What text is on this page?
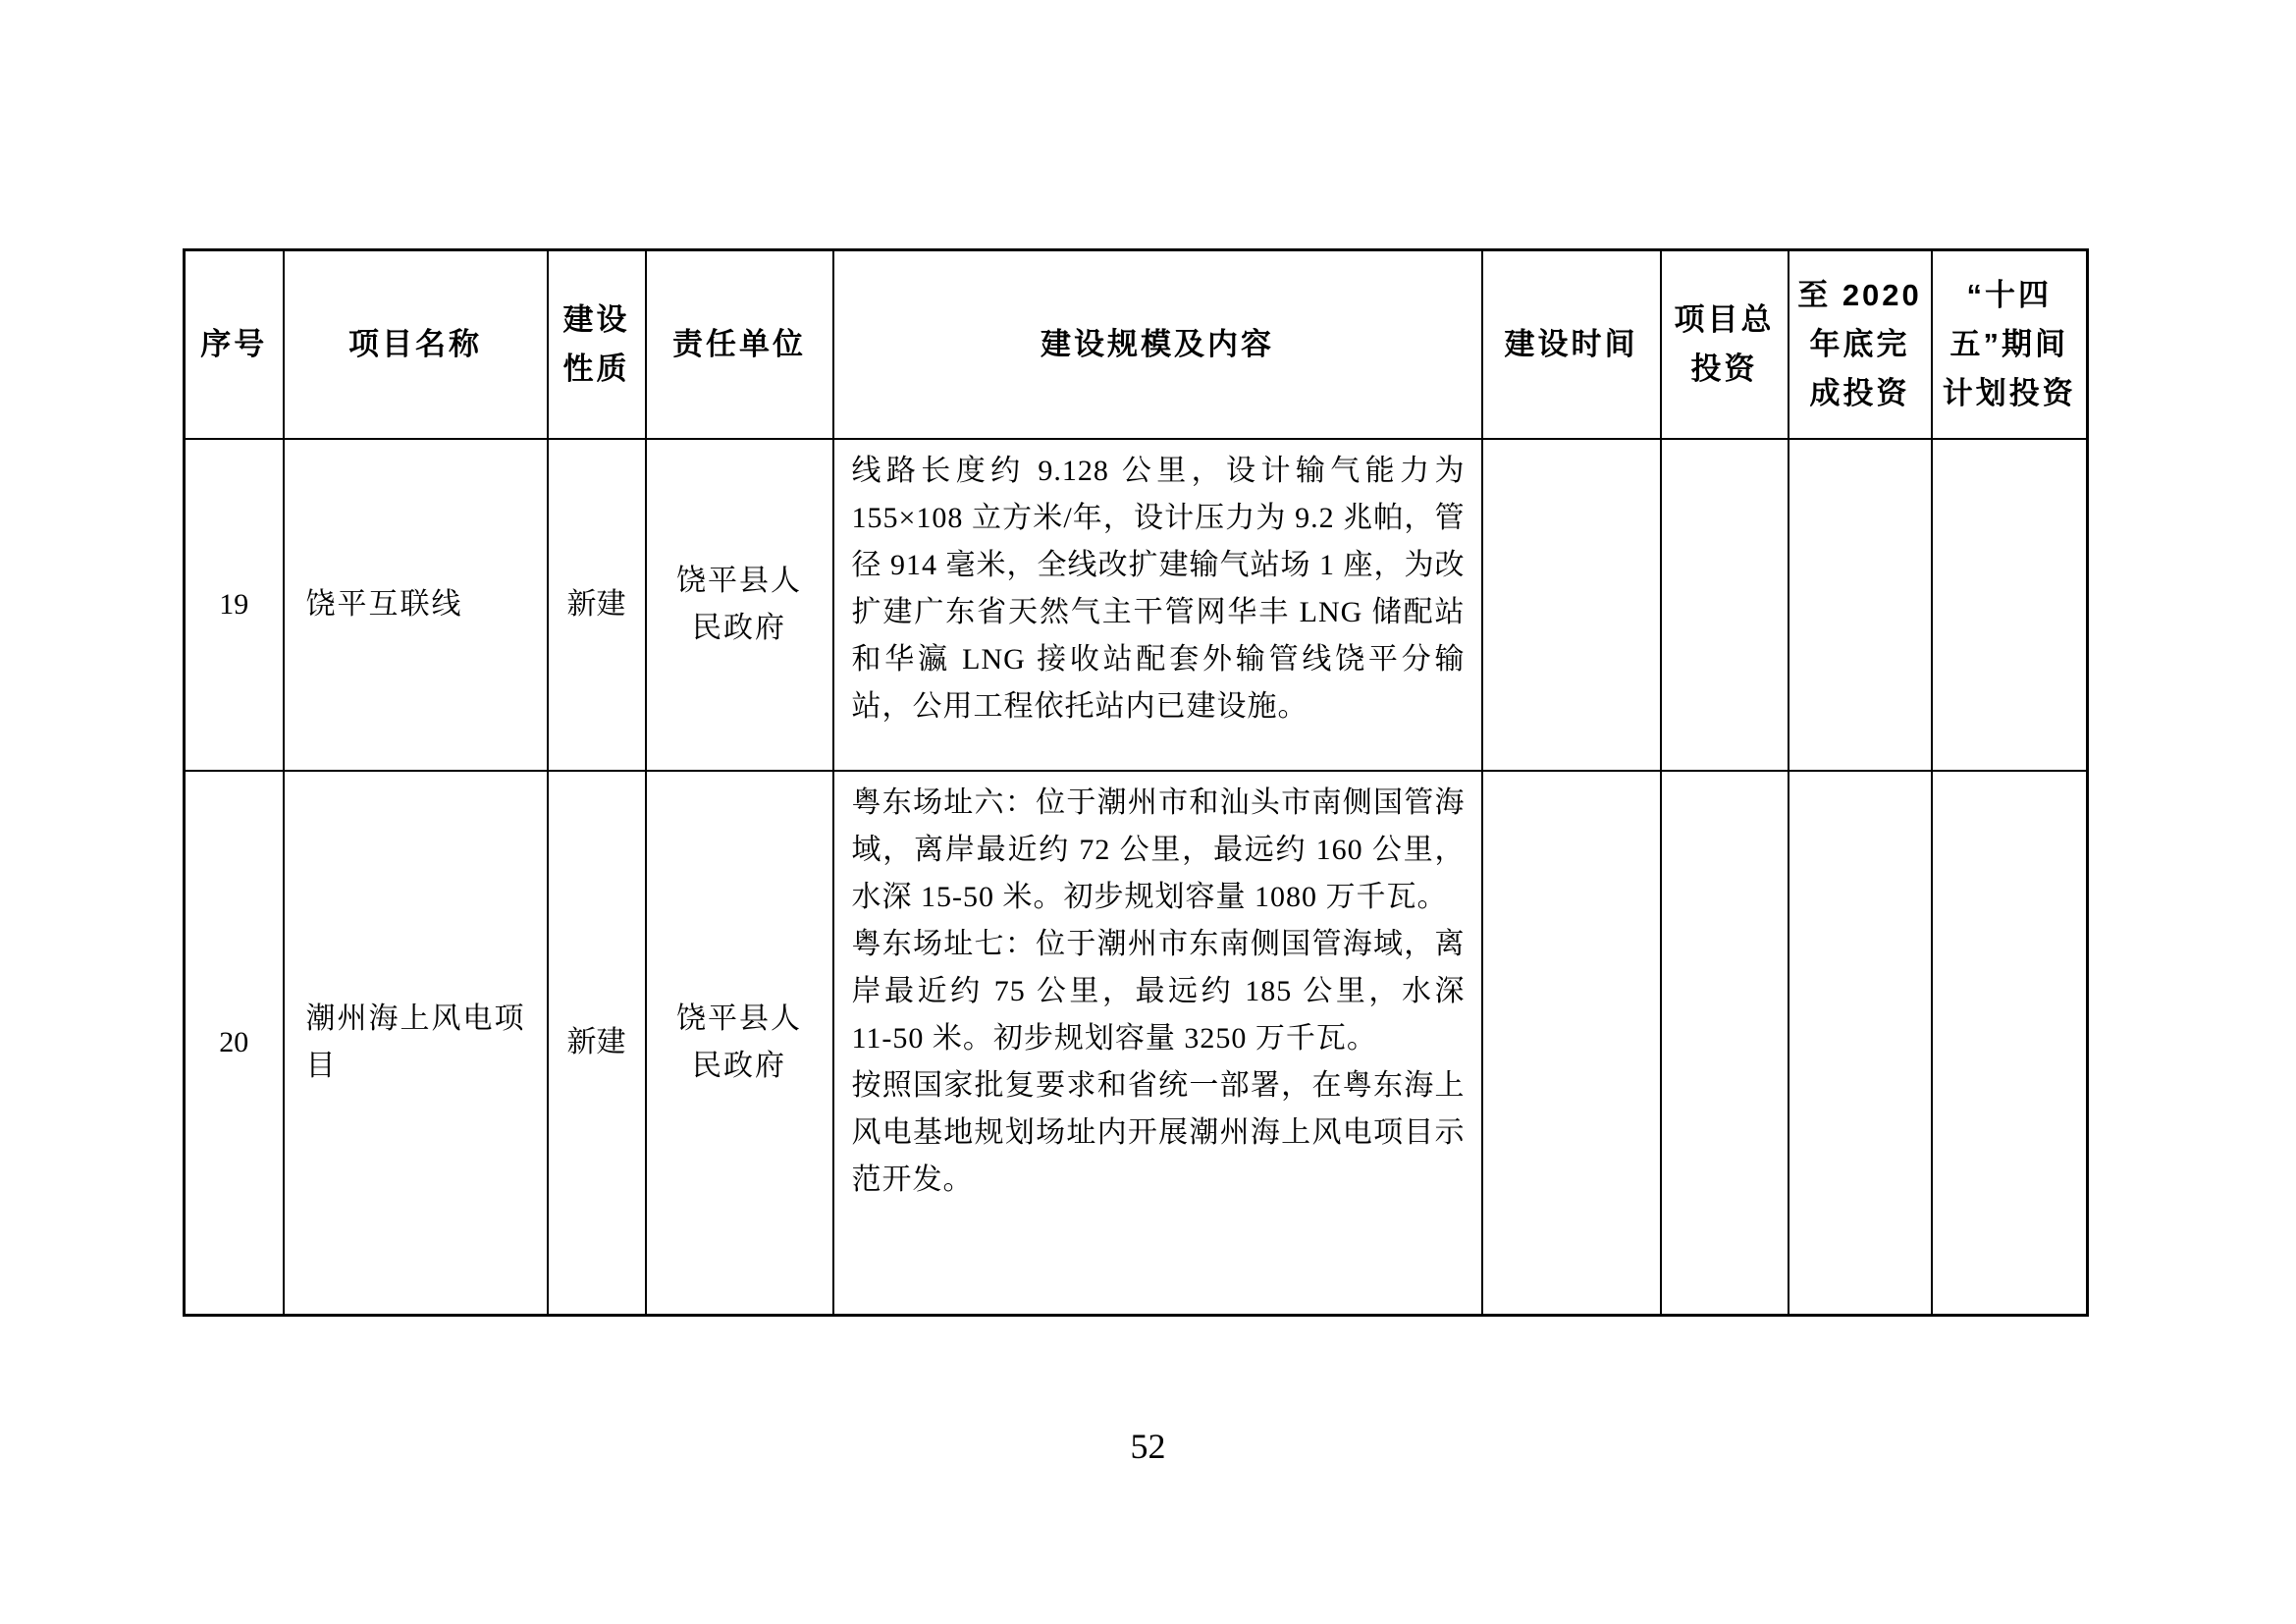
序号	项目名称	建设性质	责任单位	建设规模及内容	建设时间	项目总投资	至 2020 年底完成投资	“十四五”期间计划投资
19	饶平互联线	新建	饶平县人民政府	线路长度约 9.128 公里，设计输气能力为 155×108 立方米/年，设计压力为 9.2 兆帕，管径 914 毫米，全线改扩建输气站场 1 座，为改扩建广东省天然气主干管网华丰 LNG 储配站和华瀛 LNG 接收站配套外输管线饶平分输站，公用工程依托站内已建设施。				

20	潮州海上风电项目	新建	饶平县人民政府	粤东场址六：位于潮州市和汕头市南侧国管海域，离岸最近约 72 公里，最远约 160 公里，水深 15-50 米。初步规划容量 1080 万千瓦。

粤东场址七：位于潮州市东南侧国管海域，离岸最近约 75 公里，最远约 185 公里，水深 11-50 米。初步规划容量 3250 万千瓦。

按照国家批复要求和省统一部署，在粤东海上风电基地规划场址内开展潮州海上风电项目示范开发。				

52
